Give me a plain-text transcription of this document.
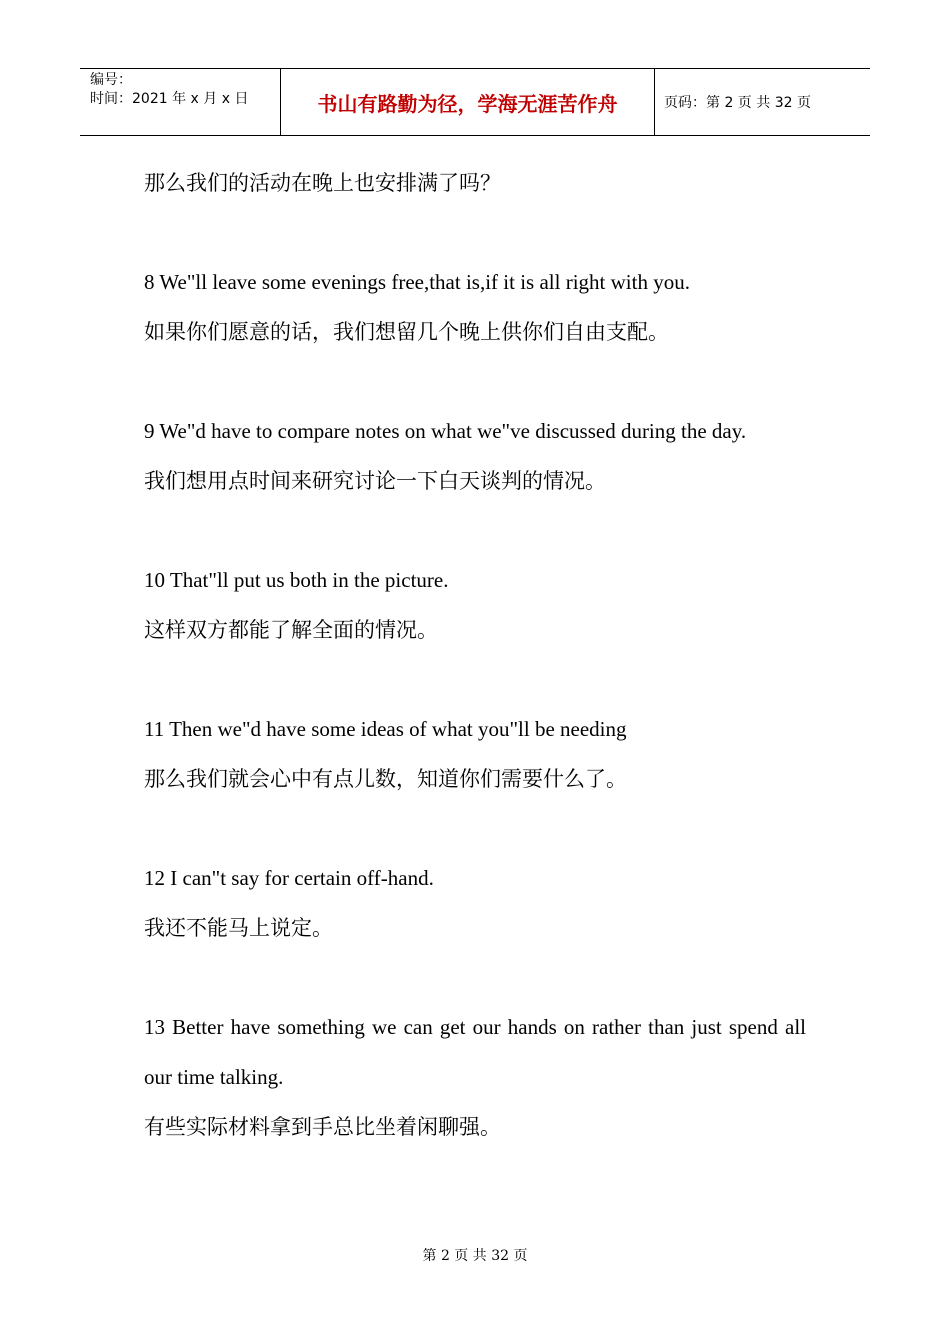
编号：
时间：2021 年 x 月 x 日	书山有路勤为径，学海无涯苦作舟	页码：第 2 页 共 32 页

那么我们的活动在晚上也安排满了吗？

8 We"ll leave some evenings free,that is,if it is all right with you.

如果你们愿意的话，我们想留几个晚上供你们自由支配。

9 We"d have to compare notes on what we"ve discussed during the day.

我们想用点时间来研究讨论一下白天谈判的情况。

10 That"ll put us both in the picture.

这样双方都能了解全面的情况。

11 Then we"d have some ideas of what you"ll be needing

那么我们就会心中有点儿数，知道你们需要什么了。

12 I can"t say for certain off-hand.

我还不能马上说定。

13 Better have something we can get our hands on rather than just spend all our time talking.

有些实际材料拿到手总比坐着闲聊强。

第 2 页 共 32 页
